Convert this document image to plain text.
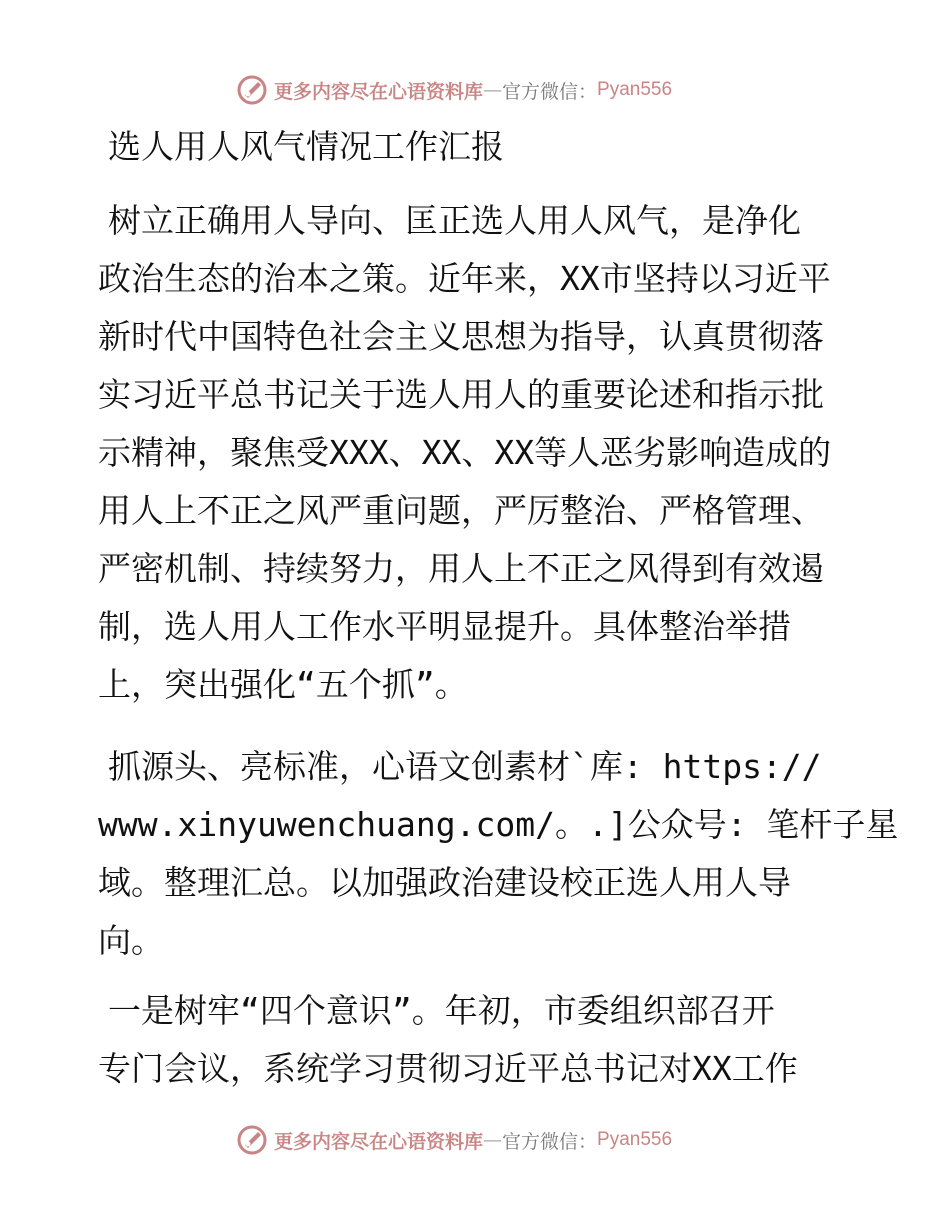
更多内容尽在心语资料库 — 官方微信： Pyan556
选人用人风气情况工作汇报
树立正确用人导向、匡正选人用人风气，是净化
政治生态的治本之策。近年来，XX市坚持以习近平
新时代中国特色社会主义思想为指导，认真贯彻落
实习近平总书记关于选人用人的重要论述和指示批
示精神，聚焦受XXX、XX、XX等人恶劣影响造成的
用人上不正之风严重问题，严厉整治、严格管理、
严密机制、持续努力，用人上不正之风得到有效遏
制，选人用人工作水平明显提升。具体整治举措
上，突出强化“五个抓”。
抓源头、亮标准，心语文创素材`库: https://
www.xinyuwenchuang.com/。.]公众号: 笔杆子星
域。整理汇总。以加强政治建设校正选人用人导
向。
一是树牢“四个意识”。年初，市委组织部召开
专门会议，系统学习贯彻习近平总书记对XX工作
更多内容尽在心语资料库 — 官方微信： Pyan556
